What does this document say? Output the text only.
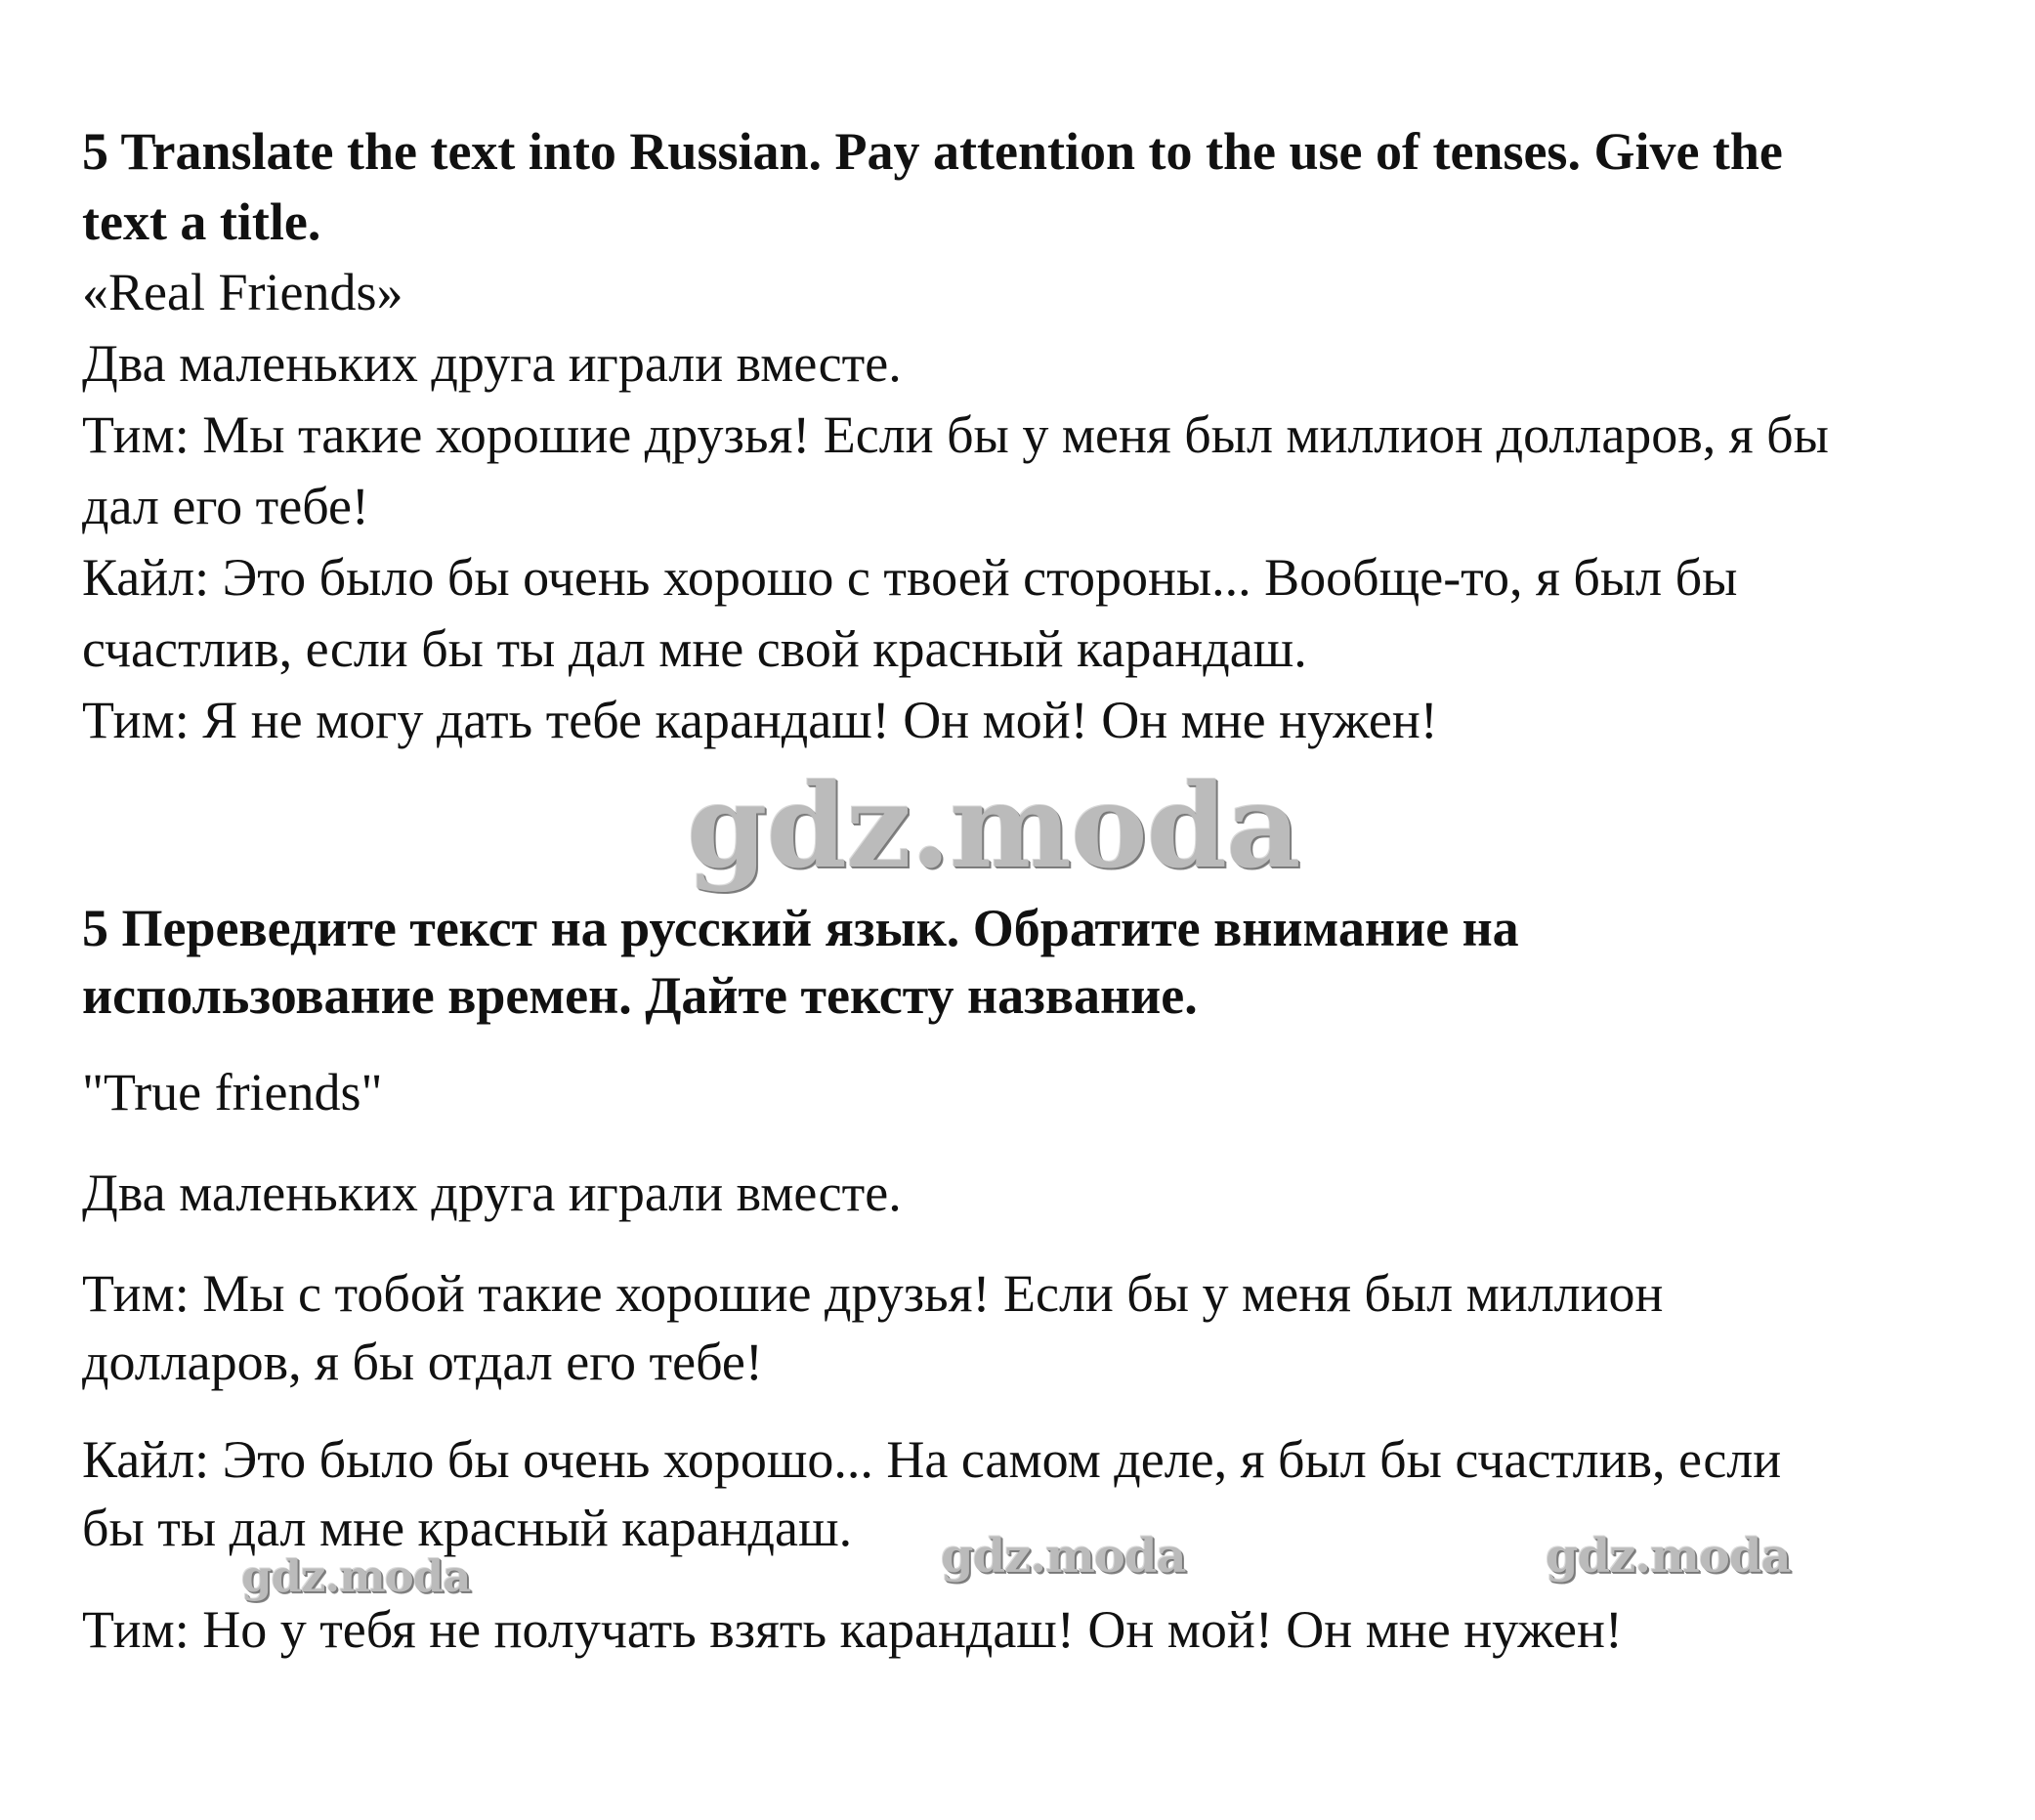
5 Translate the text into Russian. Pay attention to the use of tenses. Give the

text a title.

«Real Friends»

Два маленьких друга играли вместе.

Тим: Мы такие хорошие друзья! Если бы у меня был миллион долларов, я бы

дал его тебе!

Кайл: Это было бы очень хорошо с твоей стороны... Вообще-то, я был бы

счастлив, если бы ты дал мне свой красный карандаш.

Тим: Я не могу дать тебе карандаш! Он мой! Он мне нужен!

gdz.moda

5 Переведите текст на русский язык. Обратите внимание на

использование времен. Дайте тексту название.

"True friends"

Два маленьких друга играли вместе.

Тим: Мы с тобой такие хорошие друзья! Если бы у меня был миллион

долларов, я бы отдал его тебе!

Кайл: Это было бы очень хорошо... На самом деле, я был бы счастлив, если

бы ты дал мне красный карандаш.

gdz.moda	gdz.moda	gdz.moda

Тим: Но у тебя не получать взять карандаш! Он мой! Он мне нужен!
